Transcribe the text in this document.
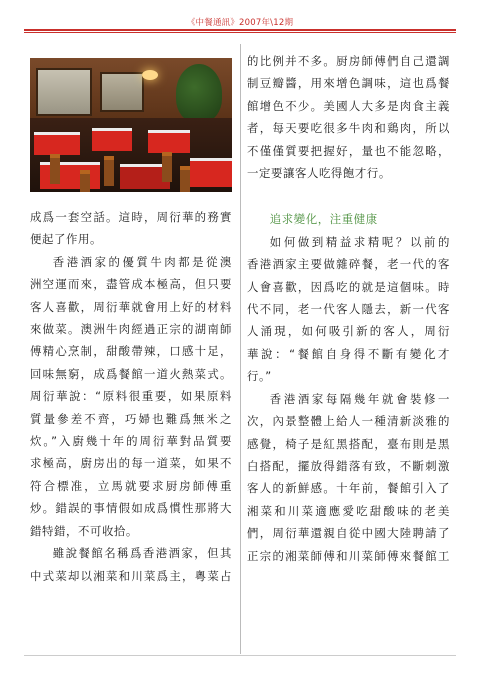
《中餐通訊》2007年\12期

成爲一套空話。這時，周衍華的務實

便起了作用。

香港酒家的優質牛肉都是從澳

洲空運而來，盡管成本極高，但只要

客人喜歡，周衍華就會用上好的材料

來做菜。澳洲牛肉經過正宗的湖南師

傅精心烹制，甜酸帶辣，口感十足，

回味無窮，成爲餐館一道火熱菜式。

周衍華說：“原料很重要，如果原料

質量參差不齊，巧婦也難爲無米之

炊。”入廚幾十年的周衍華對品質要

求極高，廚房出的每一道菜，如果不

符合標准，立馬就要求厨房師傅重

炒。錯誤的事情假如成爲慣性那將大

錯特錯，不可收拾。

雖說餐館名稱爲香港酒家，但其

中式菜却以湘菜和川菜爲主，粵菜占

的比例并不多。厨房師傅們自己還調

制豆瓣醬，用來增色調味，這也爲餐

館增色不少。美國人大多是肉食主義

者，每天要吃很多牛肉和鶏肉，所以

不僅僅質要把握好，量也不能忽略，

一定要讓客人吃得飽才行。

追求變化，注重健康

如何做到精益求精呢？以前的

香港酒家主要做雜碎餐，老一代的客

人會喜歡，因爲吃的就是這個味。時

代不同，老一代客人隱去，新一代客

人涌現，如何吸引新的客人，周衍

華說：“餐館自身得不斷有變化才

行。”

香港酒家每隔幾年就會裝修一

次，內景整體上給人一種清新淡雅的

感覺，椅子是紅黑搭配，臺布則是黑

白搭配，擺放得錯落有致，不斷刺激

客人的新鮮感。十年前，餐館引入了

湘菜和川菜適應愛吃甜酸味的老美

們，周衍華還親自從中國大陸聘請了

正宗的湘菜師傅和川菜師傅來餐館工
